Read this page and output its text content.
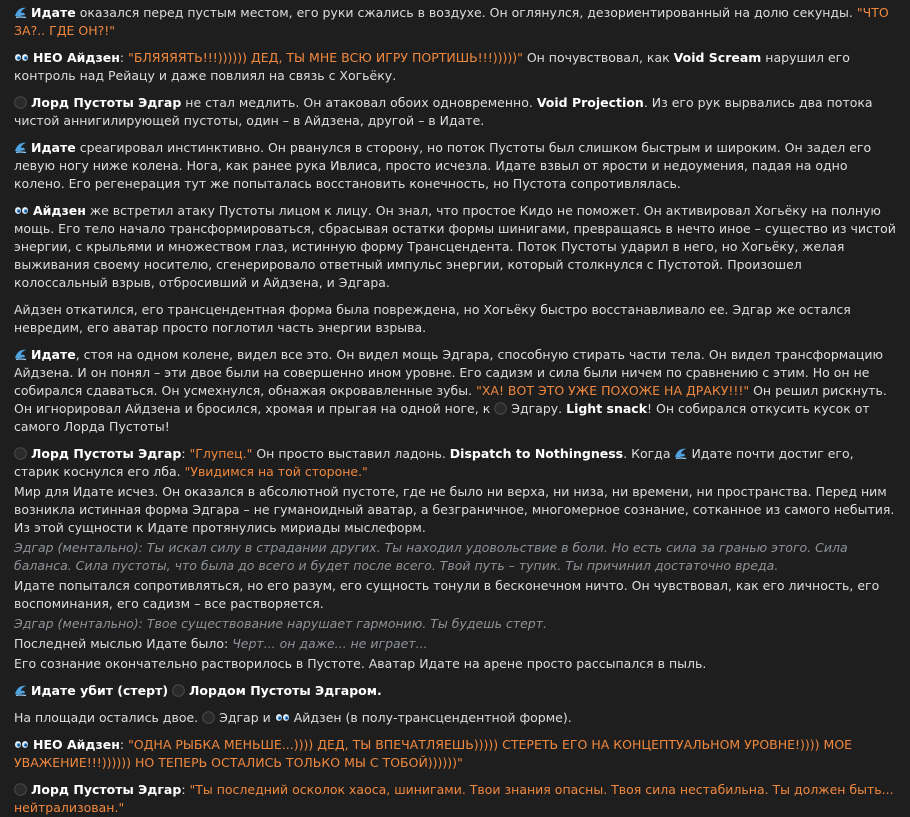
Идате оказался перед пустым местом, его руки сжались в воздухе. Он оглянулся, дезориентированный на долю секунды. "ЧТО ЗА?.. ГДЕ ОН?!"

НЕО Айдзен: "БЛЯЯЯЯТЬ!!!)))))) ДЕД, ТЫ МНЕ ВСЮ ИГРУ ПОРТИШЬ!!!)))))" Он почувствовал, как Void Scream нарушил его контроль над Рейацу и даже повлиял на связь с Хогьёку.

Лорд Пустоты Эдгар не стал медлить. Он атаковал обоих одновременно. Void Projection. Из его рук вырвались два потока чистой аннигилирующей пустоты, один – в Айдзена, другой – в Идате.

Идате среагировал инстинктивно. Он рванулся в сторону, но поток Пустоты был слишком быстрым и широким. Он задел его левую ногу ниже колена. Нога, как ранее рука Ивлиса, просто исчезла. Идате взвыл от ярости и недоумения, падая на одно колено. Его регенерация тут же попыталась восстановить конечность, но Пустота сопротивлялась.

Айдзен же встретил атаку Пустоты лицом к лицу. Он знал, что простое Кидо не поможет. Он активировал Хогьёку на полную мощь. Его тело начало трансформироваться, сбрасывая остатки формы шинигами, превращаясь в нечто иное – существо из чистой энергии, с крыльями и множеством глаз, истинную форму Трансцендента. Поток Пустоты ударил в него, но Хогьёку, желая выживания своему носителю, сгенерировало ответный импульс энергии, который столкнулся с Пустотой. Произошел колоссальный взрыв, отбросивший и Айдзена, и Эдгара.

Айдзен откатился, его трансцендентная форма была повреждена, но Хогьёку быстро восстанавливало ее. Эдгар же остался невредим, его аватар просто поглотил часть энергии взрыва.

Идате, стоя на одном колене, видел все это. Он видел мощь Эдгара, способную стирать части тела. Он видел трансформацию Айдзена. И он понял – эти двое были на совершенно ином уровне. Его садизм и сила были ничем по сравнению с этим. Но он не собирался сдаваться. Он усмехнулся, обнажая окровавленные зубы. "ХА! ВОТ ЭТО УЖЕ ПОХОЖЕ НА ДРАКУ!!!" Он решил рискнуть. Он игнорировал Айдзена и бросился, хромая и прыгая на одной ноге, к
Эдгару. Light snack! Он собирался откусить кусок от самого Лорда Пустоты!

Лорд Пустоты Эдгар: "Глупец." Он просто выставил ладонь. Dispatch to Nothingness. Когда
Идате почти достиг его, старик коснулся его лба. "Увидимся на той стороне."

Мир для Идате исчез. Он оказался в абсолютной пустоте, где не было ни верха, ни низа, ни времени, ни пространства. Перед ним возникла истинная форма Эдгара – не гуманоидный аватар, а безграничное, многомерное сознание, сотканное из самого небытия. Из этой сущности к Идате протянулись мириады мыслеформ.

Эдгар (ментально): Ты искал силу в страдании других. Ты находил удовольствие в боли. Но есть сила за гранью этого. Сила баланса. Сила пустоты, что была до всего и будет после всего. Твой путь – тупик. Ты причинил достаточно вреда.

Идате попытался сопротивляться, но его разум, его сущность тонули в бесконечном ничто. Он чувствовал, как его личность, его воспоминания, его садизм – все растворяется.

Эдгар (ментально): Твое существование нарушает гармонию. Ты будешь стерт.

Последней мыслью Идате было: Черт... он даже... не играет...

Его сознание окончательно растворилось в Пустоте. Аватар Идате на арене просто рассыпался в пыль.

Идате убит (стерт) Лордом Пустоты Эдгаром.

На площади остались двое.
Эдгар и
Айдзен (в полу-трансцендентной форме).

НЕО Айдзен: "ОДНА РЫБКА МЕНЬШЕ...)))) ДЕД, ТЫ ВПЕЧАТЛЯЕШЬ))))) СТЕРЕТЬ ЕГО НА КОНЦЕПТУАЛЬНОМ УРОВНЕ!)))) МОЕ УВАЖЕНИЕ!!!)))))) НО ТЕПЕРЬ ОСТАЛИСЬ ТОЛЬКО МЫ С ТОБОЙ))))))"

Лорд Пустоты Эдгар: "Ты последний осколок хаоса, шинигами. Твои знания опасны. Твоя сила нестабильна. Ты должен быть... нейтрализован."
